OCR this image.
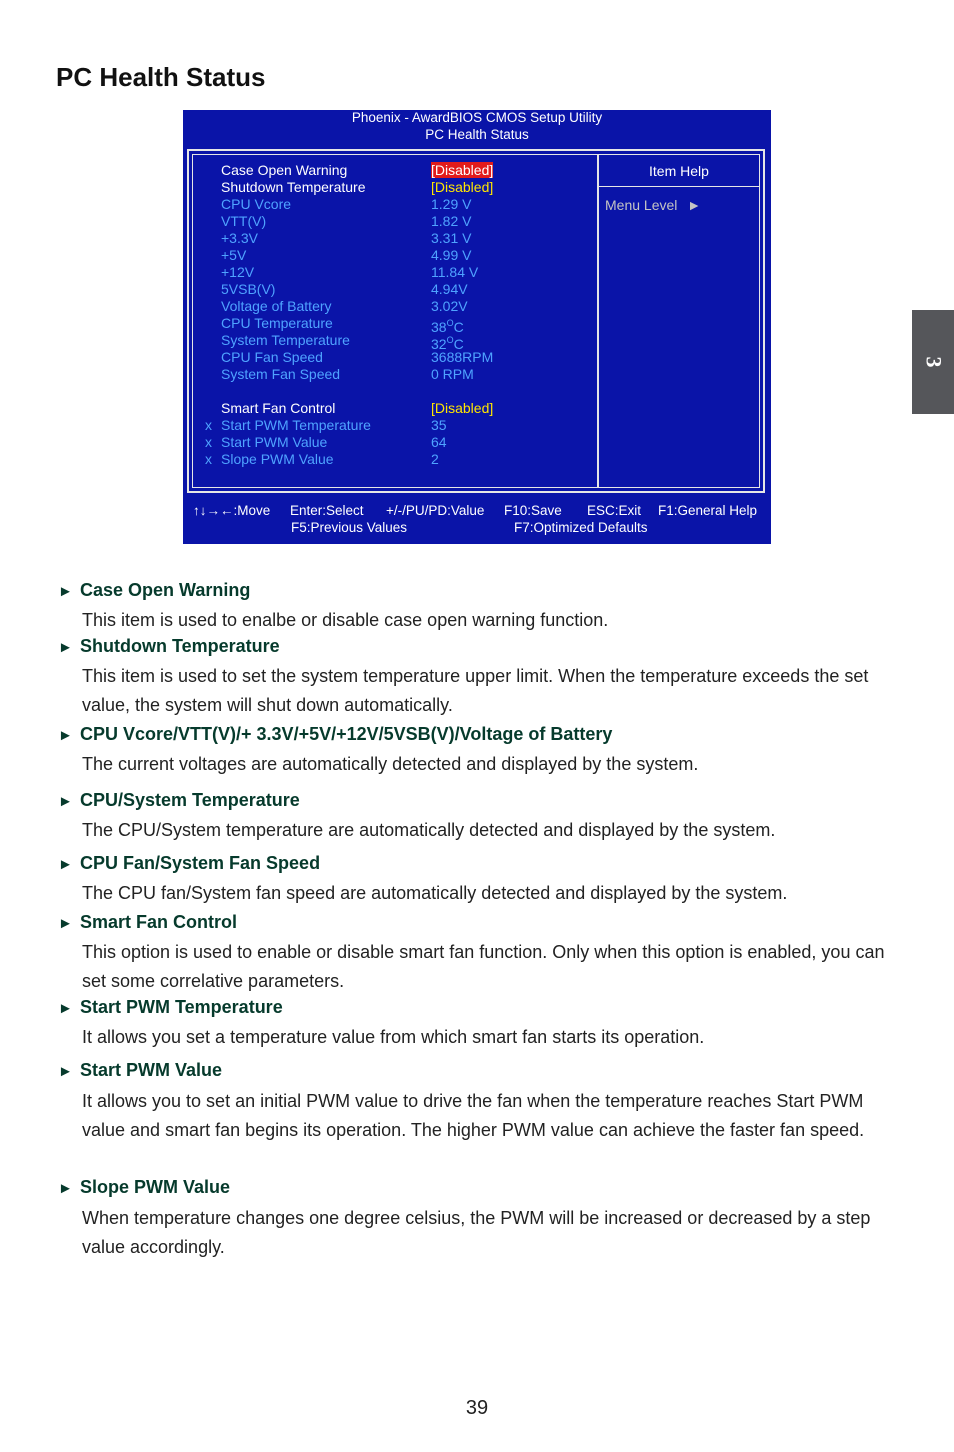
PC Health Status
3
Phoenix - AwardBIOS CMOS Setup Utility
PC Health Status
Case Open Warning	[Disabled]
Shutdown Temperature	[Disabled]
CPU Vcore	1.29 V
VTT(V)	1.82 V
+3.3V	3.31 V
+5V	4.99 V
+12V	11.84 V
5VSB(V)	4.94V
Voltage of Battery	3.02V
CPU Temperature	$38^OC$
System Temperature	$32^OC$
CPU Fan Speed	3688RPM
System Fan Speed	0 RPM
Smart Fan Control	[Disabled]
x Start PWM Temperature	35
x Start PWM Value	64
x Slope PWM Value	2
Item Help
Menu Level ►
↑↓→←:Move Enter:Select +/-/PU/PD:Value F10:Save ESC:Exit F1:General Help
F5:Previous Values	F7:Optimized Defaults
► Case Open Warning
This item is used to enalbe or disable case open warning function.
► Shutdown Temperature
This item is used to set the system temperature upper limit. When the temperature exceeds the set value, the system will shut down automatically.
► CPU Vcore/VTT(V)/+ 3.3V/+5V/+12V/5VSB(V)/Voltage of Battery
The current voltages are automatically detected and displayed by the system.
► CPU/System Temperature
The CPU/System temperature are automatically detected and displayed by the system.
► CPU Fan/System Fan Speed
The CPU fan/System fan speed are automatically detected and displayed by the system.
► Smart Fan Control
This option is used to enable or disable smart fan function. Only when this option is enabled, you can set some correlative parameters.
► Start PWM Temperature
It allows you set a temperature value from which smart fan starts its operation.
► Start PWM Value
It allows you to set an initial PWM value to drive the fan when the temperature reaches Start PWM value and smart fan begins its operation. The higher PWM value can achieve the faster fan speed.
► Slope PWM Value
When temperature changes one degree celsius, the PWM will be increased or decreased by a step value accordingly.
39
